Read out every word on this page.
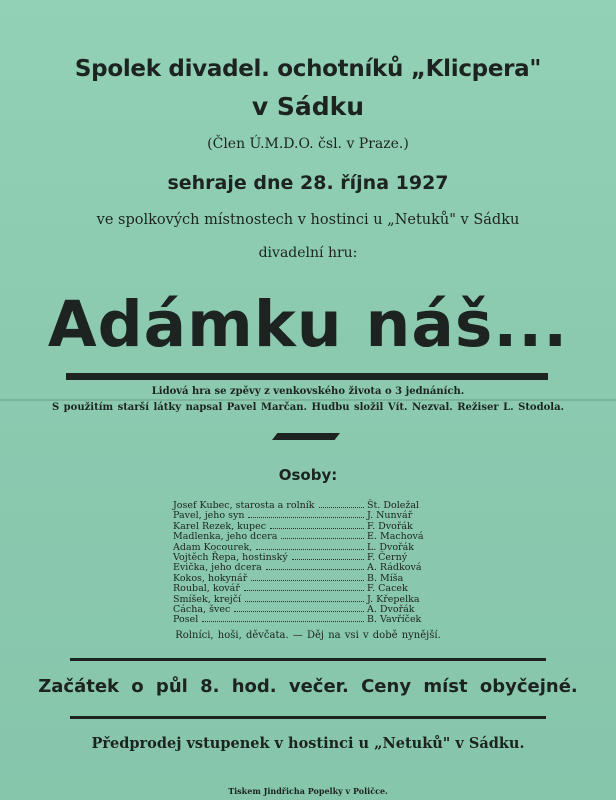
Spolek divadel. ochotníků „Klicpera"
v Sádku
(Člen Ú.M.D.O. čsl. v Praze.)
sehraje dne 28. října 1927
ve spolkových místnostech v hostinci u „Netuků" v Sádku
divadelní hru:
Adámku náš...
Lidová hra se zpěvy z venkovského života o 3 jednáních.
S použitím starší látky napsal Pavel Marčan. Hudbu složil Vít. Nezval. Režiser L. Stodola.
Osoby:
Josef Kubec, starosta a rolník	Št. Doležal
Pavel, jeho syn	J. Nunvář
Karel Rezek, kupec	F. Dvořák
Madlenka, jeho dcera	E. Machová
Adam Kocourek,	L. Dvořák
Vojtěch Řepa, hostinský	F. Černý
Evička, jeho dcera	A. Rádková
Kokos, hokynář	B. Míša
Roubal, kovář	F. Cacek
Smíšek, krejčí	J. Křepelka
Cácha, švec	A. Dvořák
Posel	B. Vavříček
Rolníci, hoši, děvčata. — Děj na vsi v době nynější.
Začátek o půl 8. hod. večer. Ceny míst obyčejné.
Předprodej vstupenek v hostinci u „Netuků" v Sádku.
Tiskem Jindřicha Popelky v Poličce.
